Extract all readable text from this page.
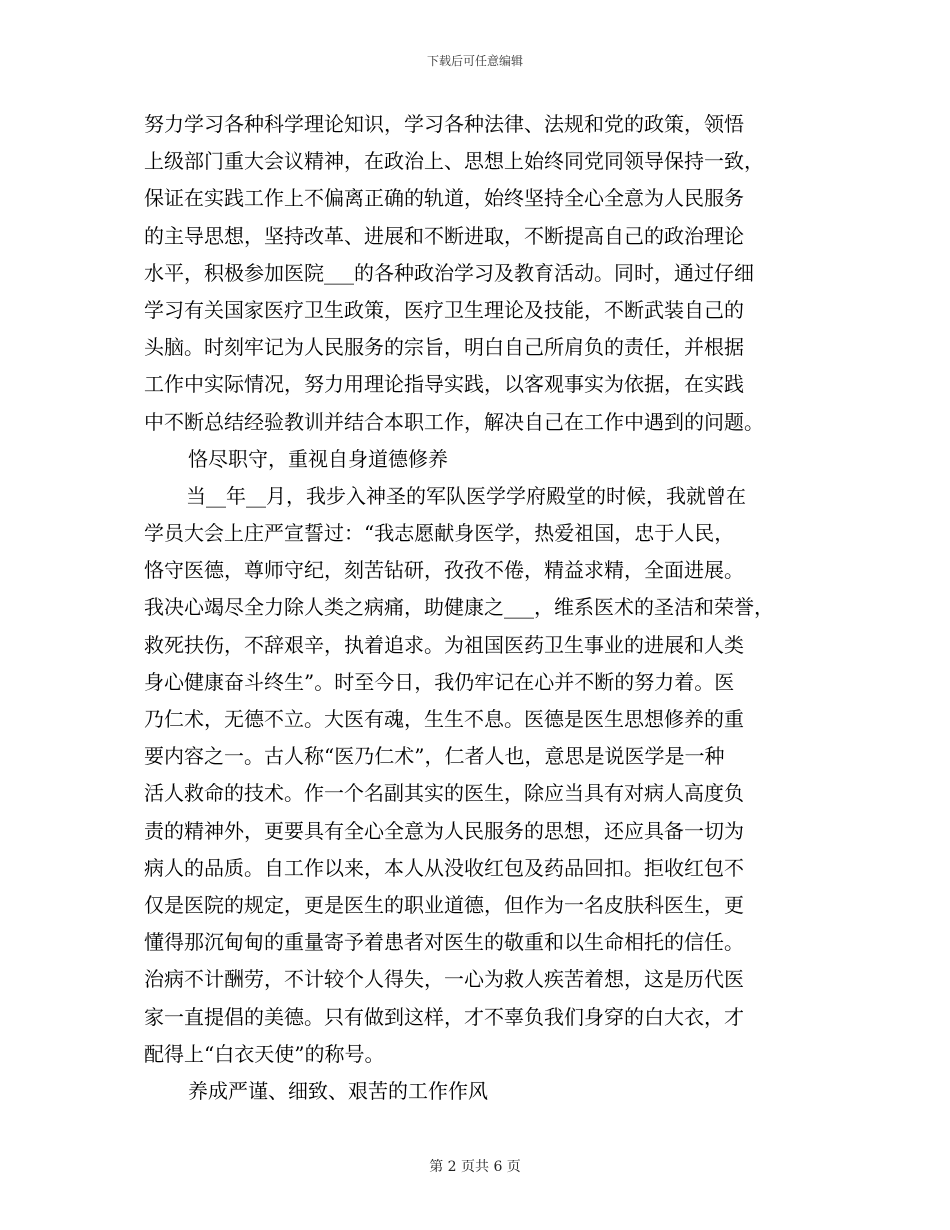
下载后可任意编辑
努力学习各种科学理论知识，学习各种法律、法规和党的政策，领悟
上级部门重大会议精神，在政治上、思想上始终同党同领导保持一致，
保证在实践工作上不偏离正确的轨道，始终坚持全心全意为人民服务
的主导思想，坚持改革、进展和不断进取，不断提高自己的政治理论
水平，积极参加医院___的各种政治学习及教育活动。同时，通过仔细
学习有关国家医疗卫生政策，医疗卫生理论及技能，不断武装自己的
头脑。时刻牢记为人民服务的宗旨，明白自己所肩负的责任，并根据
工作中实际情况，努力用理论指导实践，以客观事实为依据，在实践
中不断总结经验教训并结合本职工作，解决自己在工作中遇到的问题。
恪尽职守，重视自身道德修养
当__年__月，我步入神圣的军队医学学府殿堂的时候，我就曾在
学员大会上庄严宣誓过：“我志愿献身医学，热爱祖国，忠于人民，
恪守医德，尊师守纪，刻苦钻研，孜孜不倦，精益求精，全面进展。
我决心竭尽全力除人类之病痛，助健康之___，维系医术的圣洁和荣誉，
救死扶伤，不辞艰辛，执着追求。为祖国医药卫生事业的进展和人类
身心健康奋斗终生”。时至今日，我仍牢记在心并不断的努力着。医
乃仁术，无德不立。大医有魂，生生不息。医德是医生思想修养的重
要内容之一。古人称“医乃仁术”，仁者人也，意思是说医学是一种
活人救命的技术。作一个名副其实的医生，除应当具有对病人高度负
责的精神外，更要具有全心全意为人民服务的思想，还应具备一切为
病人的品质。自工作以来，本人从没收红包及药品回扣。拒收红包不
仅是医院的规定，更是医生的职业道德，但作为一名皮肤科医生，更
懂得那沉甸甸的重量寄予着患者对医生的敬重和以生命相托的信任。
治病不计酬劳，不计较个人得失，一心为救人疾苦着想，这是历代医
家一直提倡的美德。只有做到这样，才不辜负我们身穿的白大衣，才
配得上“白衣天使”的称号。
养成严谨、细致、艰苦的工作作风
第 2 页共 6 页
